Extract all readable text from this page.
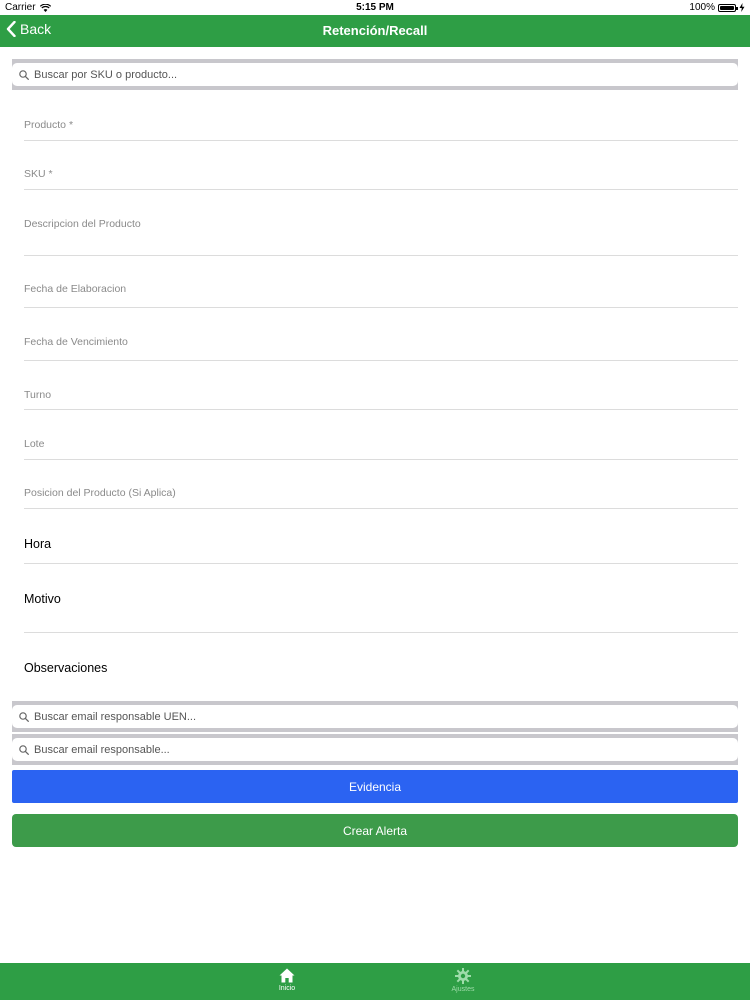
Carrier	5:15 PM	100%
Back	Retención/Recall
Buscar por SKU o producto...
Producto *
SKU *
Descripcion del Producto
Fecha de Elaboracion
Fecha de Vencimiento
Turno
Lote
Posicion del Producto (Si Aplica)
Hora
Motivo
Observaciones
Buscar email responsable UEN...
Buscar email responsable...
Evidencia
Crear Alerta
Inicio	Ajustes
